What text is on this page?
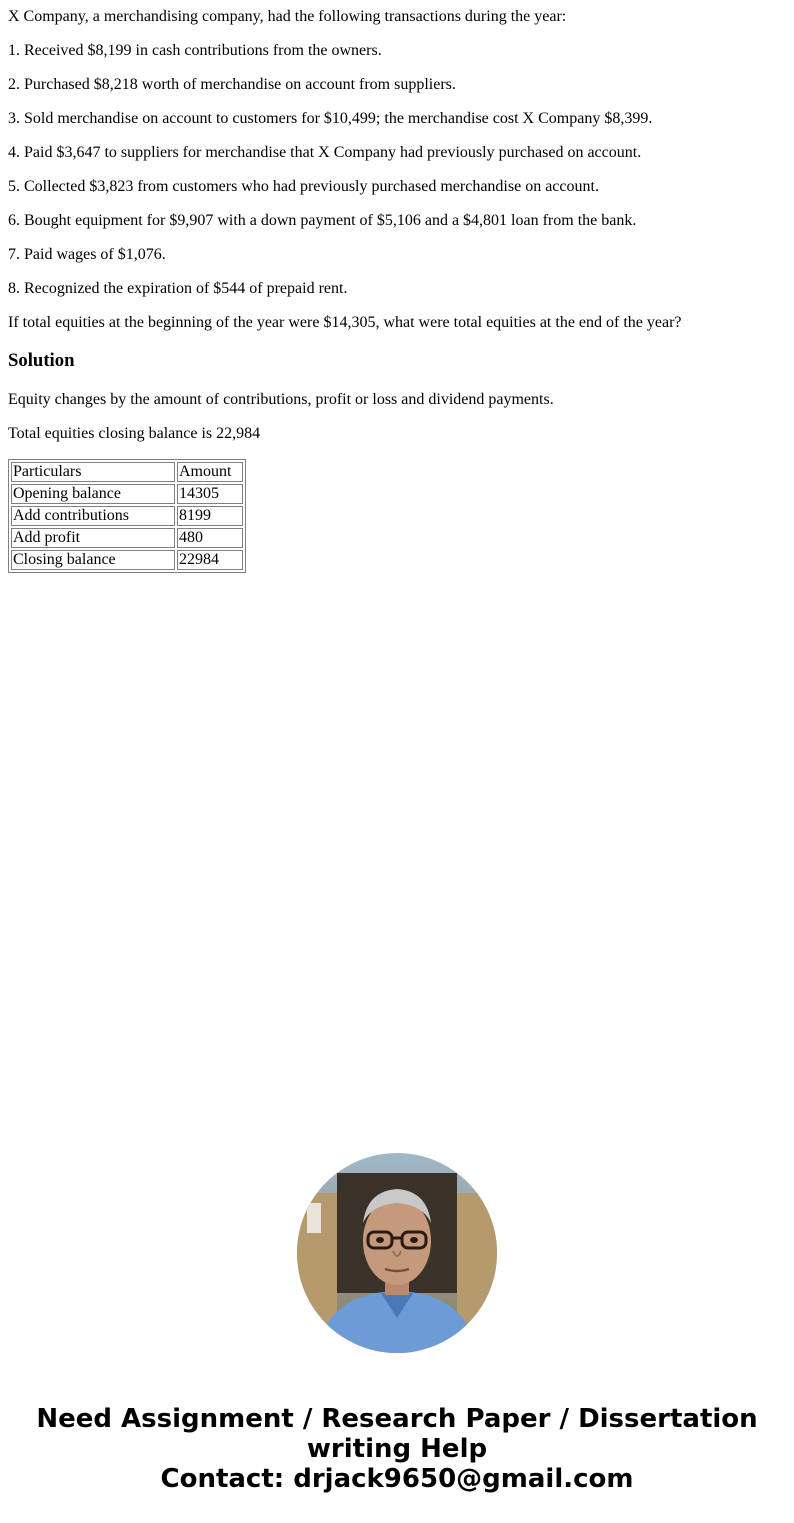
X Company, a merchandising company, had the following transactions during the year:

1. Received $8,199 in cash contributions from the owners.

2. Purchased $8,218 worth of merchandise on account from suppliers.

3. Sold merchandise on account to customers for $10,499; the merchandise cost X Company $8,399.

4. Paid $3,647 to suppliers for merchandise that X Company had previously purchased on account.

5. Collected $3,823 from customers who had previously purchased merchandise on account.

6. Bought equipment for $9,907 with a down payment of $5,106 and a $4,801 loan from the bank.

7. Paid wages of $1,076.

8. Recognized the expiration of $544 of prepaid rent.

If total equities at the beginning of the year were $14,305, what were total equities at the end of the year?

Solution

Equity changes by the amount of contributions, profit or loss and dividend payments.

Total equities closing balance is 22,984

Particulars	Amount
Opening balance	14305
Add contributions	8199
Add profit	480
Closing balance	22984
Need Assignment / Research Paper / Dissertation
writing Help
Contact: drjack9650@gmail.com
